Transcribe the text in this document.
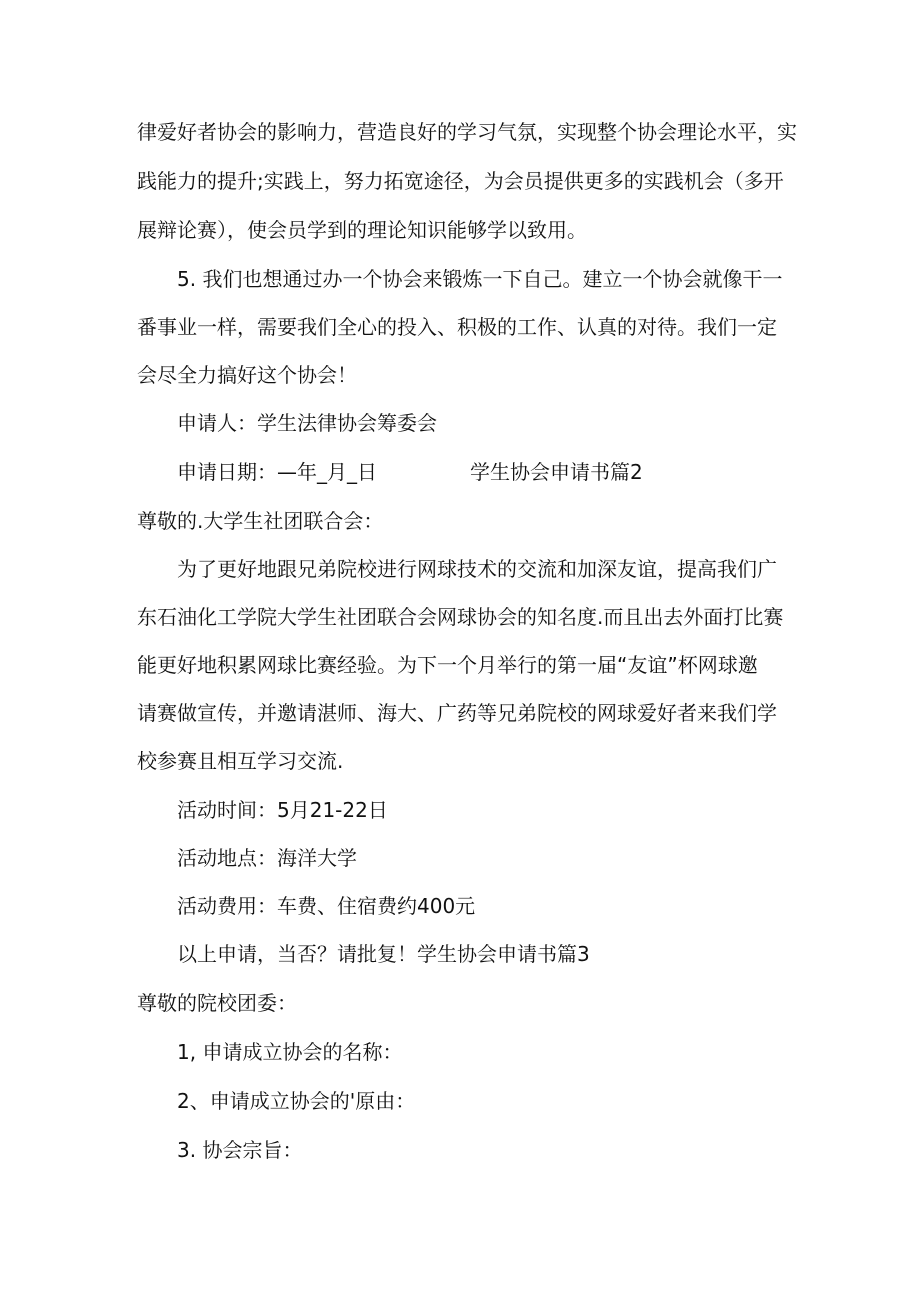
律爱好者协会的影响力，营造良好的学习气氛，实现整个协会理论水平，实
践能力的提升;实践上，努力拓宽途径，为会员提供更多的实践机会（多开
展辩论赛），使会员学到的理论知识能够学以致用。
5. 我们也想通过办一个协会来锻炼一下自己。建立一个协会就像干一
番事业一样，需要我们全心的投入、积极的工作、认真的对待。我们一定
会尽全力搞好这个协会！
申请人：学生法律协会筹委会
申请日期：—年_月_日	学生协会申请书篇2
尊敬的.大学生社团联合会：
为了更好地跟兄弟院校进行网球技术的交流和加深友谊，提高我们广
东石油化工学院大学生社团联合会网球协会的知名度.而且出去外面打比赛
能更好地积累网球比赛经验。为下一个月举行的第一届“友谊”杯网球邀
请赛做宣传，并邀请湛师、海大、广药等兄弟院校的网球爱好者来我们学
校参赛且相互学习交流.
活动时间：5月21-22日
活动地点：海洋大学
活动费用：车费、住宿费约400元
以上申请，当否？请批复！学生协会申请书篇3
尊敬的院校团委：
1, 申请成立协会的名称：
2、申请成立协会的'原由：
3. 协会宗旨：
